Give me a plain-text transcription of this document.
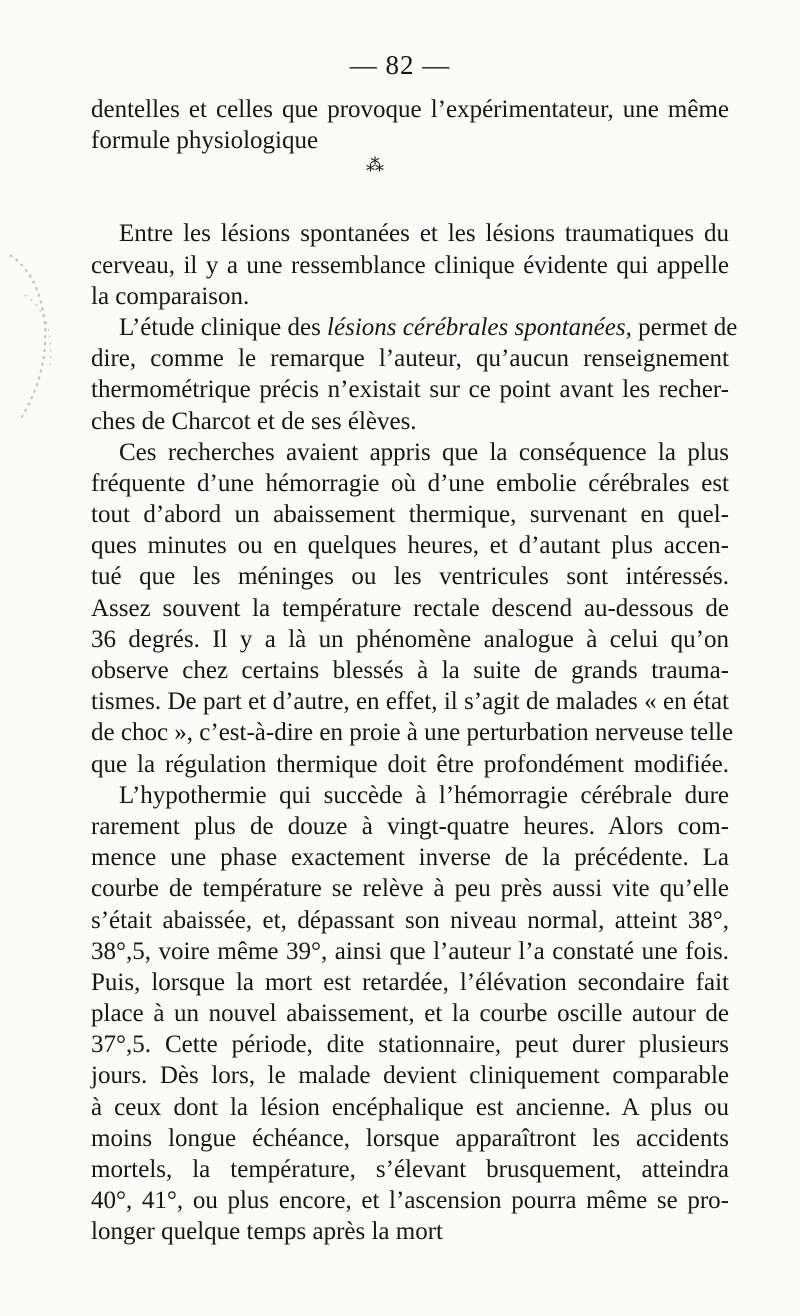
— 82 —
dentelles et celles que provoque l’expérimentateur, une même
formule physiologique
⁂
Entre les lésions spontanées et les lésions traumatiques du
cerveau, il y a une ressemblance clinique évidente qui appelle
la comparaison.
L’étude clinique des lésions cérébrales spontanées, permet de
dire, comme le remarque l’auteur, qu’aucun renseignement
thermométrique précis n’existait sur ce point avant les recher-
ches de Charcot et de ses élèves.
Ces recherches avaient appris que la conséquence la plus
fréquente d’une hémorragie où d’une embolie cérébrales est
tout d’abord un abaissement thermique, survenant en quel-
ques minutes ou en quelques heures, et d’autant plus accen-
tué que les méninges ou les ventricules sont intéressés.
Assez souvent la température rectale descend au-dessous de
36 degrés. Il y a là un phénomène analogue à celui qu’on
observe chez certains blessés à la suite de grands trauma-
tismes. De part et d’autre, en effet, il s’agit de malades « en état
de choc », c’est-à-dire en proie à une perturbation nerveuse telle
que la régulation thermique doit être profondément modifiée.
L’hypothermie qui succède à l’hémorragie cérébrale dure
rarement plus de douze à vingt-quatre heures. Alors com-
mence une phase exactement inverse de la précédente. La
courbe de température se relève à peu près aussi vite qu’elle
s’était abaissée, et, dépassant son niveau normal, atteint 38°,
38°,5, voire même 39°, ainsi que l’auteur l’a constaté une fois.
Puis, lorsque la mort est retardée, l’élévation secondaire fait
place à un nouvel abaissement, et la courbe oscille autour de
37°,5. Cette période, dite stationnaire, peut durer plusieurs
jours. Dès lors, le malade devient cliniquement comparable
à ceux dont la lésion encéphalique est ancienne. A plus ou
moins longue échéance, lorsque apparaîtront les accidents
mortels, la température, s’élevant brusquement, atteindra
40°, 41°, ou plus encore, et l’ascension pourra même se pro-
longer quelque temps après la mort
